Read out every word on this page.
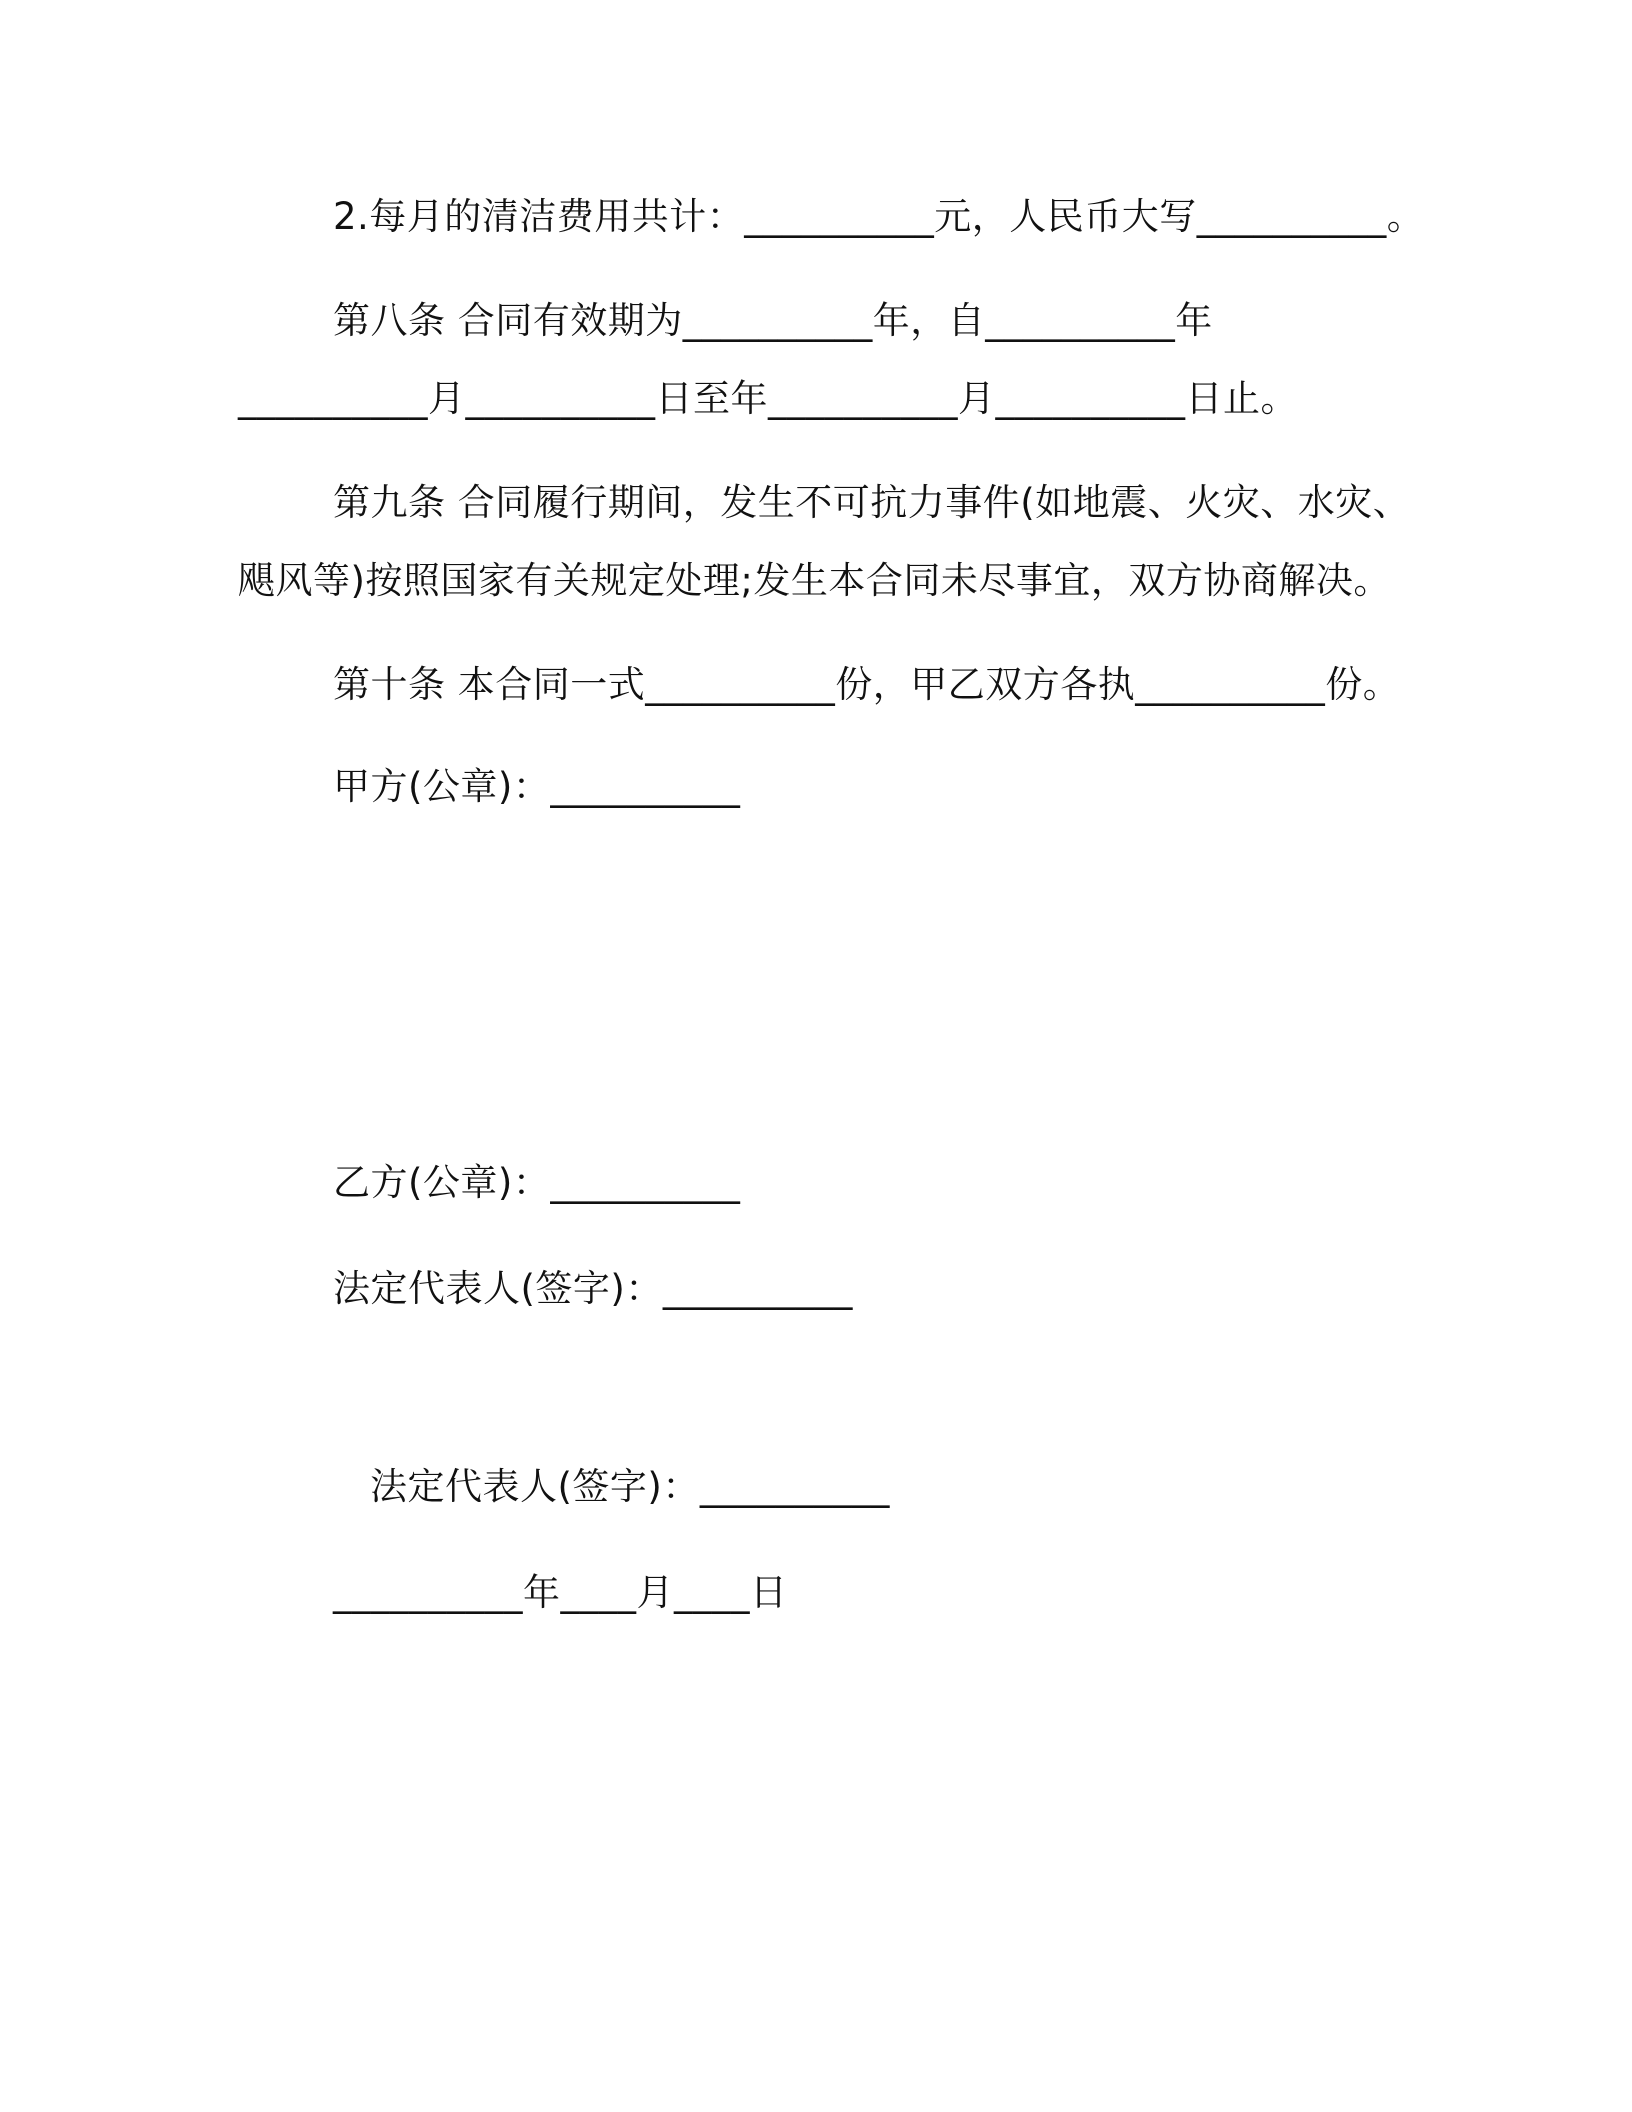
2.每月的清洁费用共计：__________元，人民币大写__________。
第八条 合同有效期为__________年，自__________年
__________月__________日至年__________月__________日止。
第九条 合同履行期间，发生不可抗力事件(如地震、火灾、水灾、
飓风等)按照国家有关规定处理;发生本合同未尽事宜，双方协商解决。
第十条 本合同一式__________份，甲乙双方各执__________份。
甲方(公章)：__________
乙方(公章)：__________
法定代表人(签字)：__________
法定代表人(签字)：__________
__________年____月____日
